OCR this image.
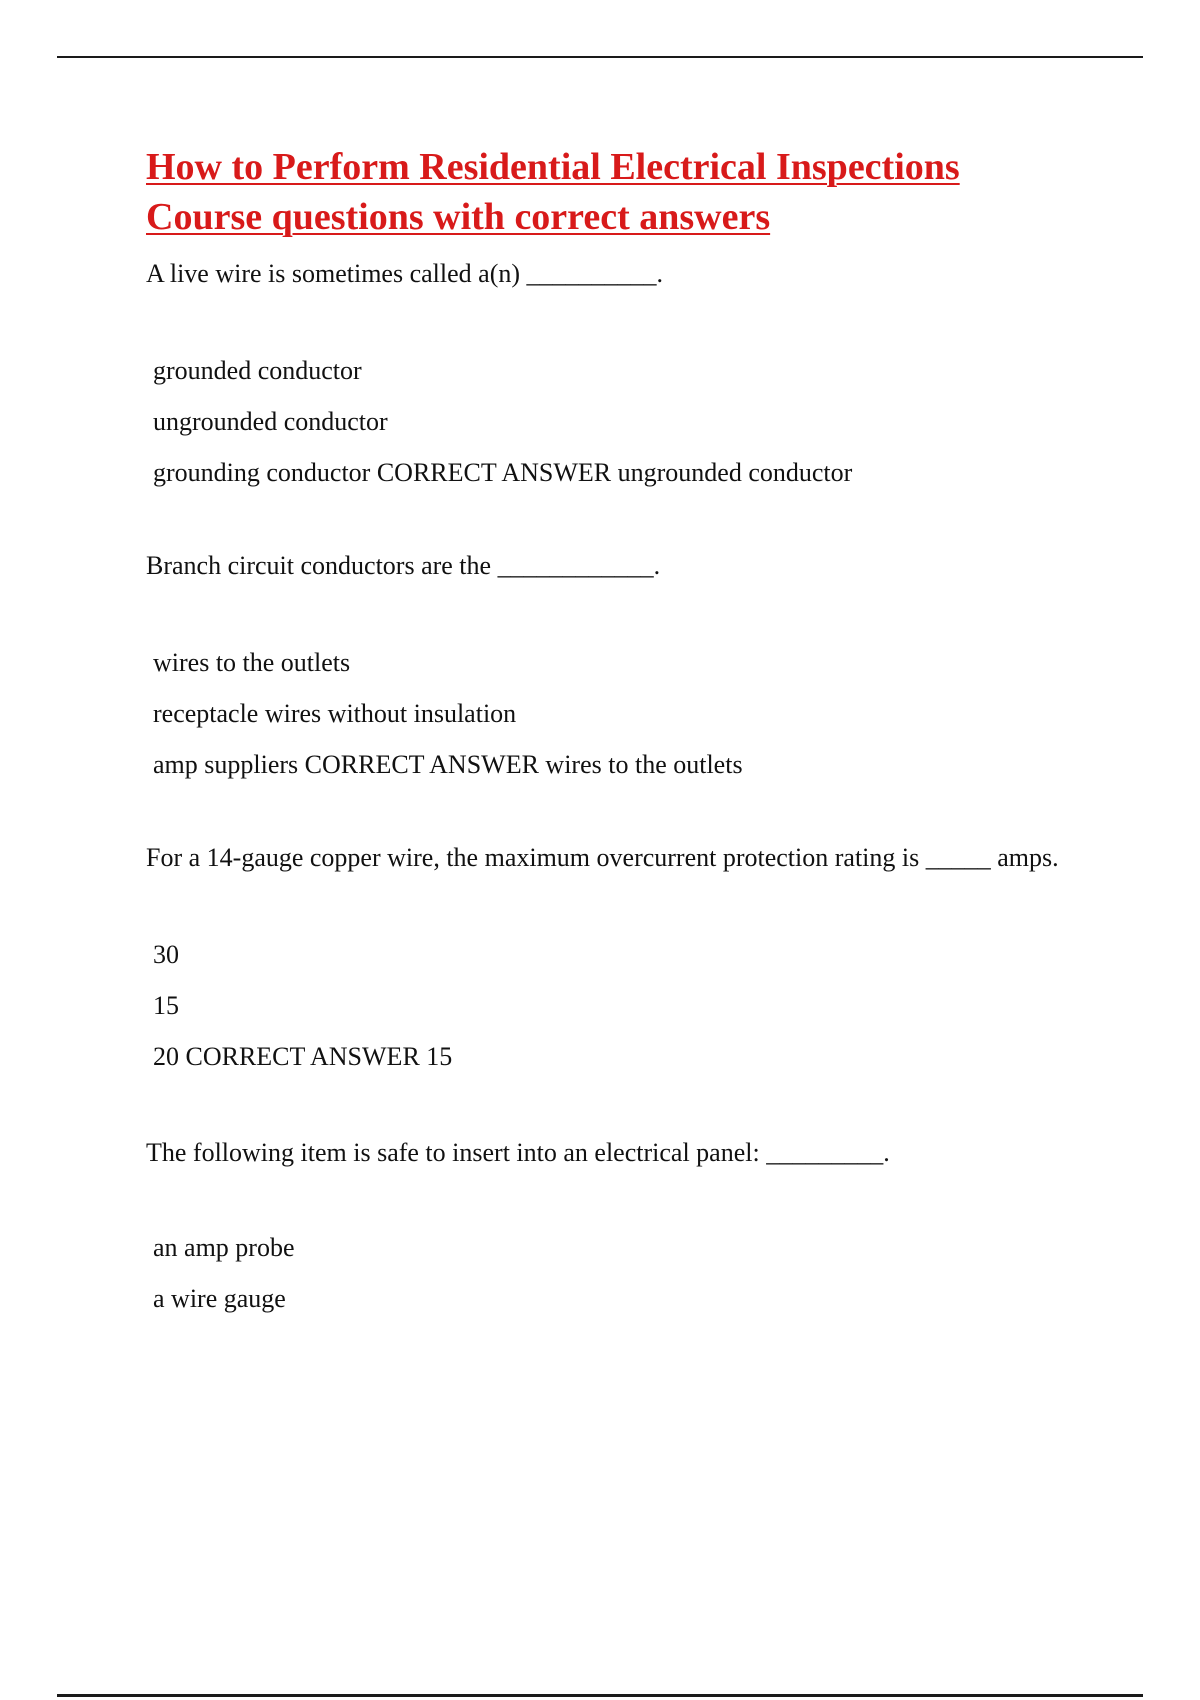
How to Perform Residential Electrical Inspections
Course questions with correct answers

A live wire is sometimes called a(n) __________.

grounded conductor
ungrounded conductor
grounding conductor CORRECT ANSWER ungrounded conductor

Branch circuit conductors are the ____________.

wires to the outlets
receptacle wires without insulation
amp suppliers CORRECT ANSWER wires to the outlets

For a 14-gauge copper wire, the maximum overcurrent protection rating is _____ amps.

30
15
20 CORRECT ANSWER 15

The following item is safe to insert into an electrical panel: _________.

an amp probe
a wire gauge
